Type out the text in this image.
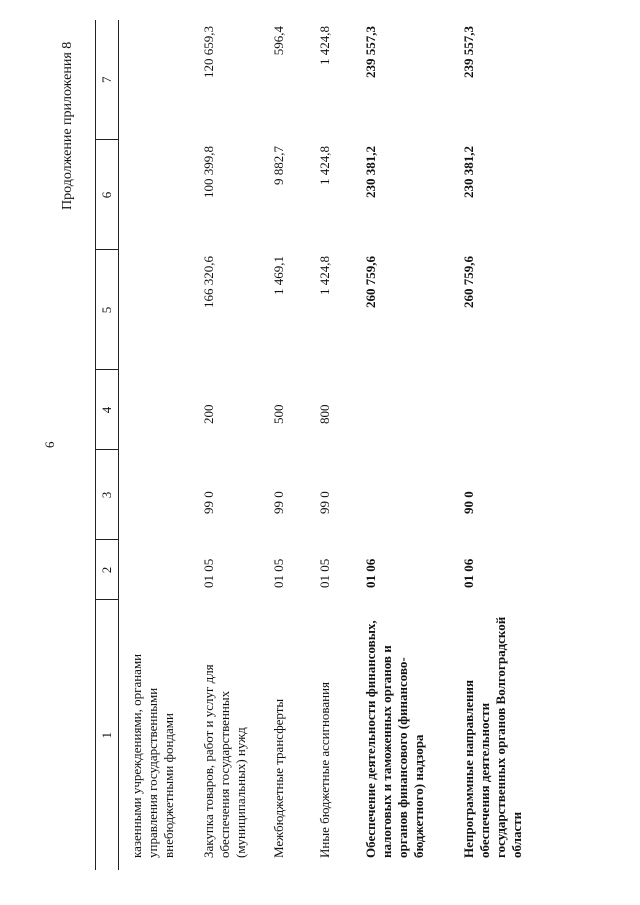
6
Продолжение приложения 8
1	2	3	4	5	6	7
казенными учреждениями, органами управления государственными внебюджетными фондами						
Закупка товаров, работ и услуг для обеспечения государственных (муниципальных) нужд	01 05	99 0	200	166 320,6	100 399,8	120 659,3
Межбюджетные трансферты	01 05	99 0	500	1 469,1	9 882,7	596,4
Иные бюджетные ассигнования	01 05	99 0	800	1 424,8	1 424,8	1 424,8
Обеспечение деятельности финансовых, налоговых и таможенных органов и органов финансового (финансово-бюджетного) надзора	01 06			260 759,6	230 381,2	239 557,3
Непрограммные направления обеспечения деятельности государственных органов Волгоградской области	01 06	90 0		260 759,6	230 381,2	239 557,3
